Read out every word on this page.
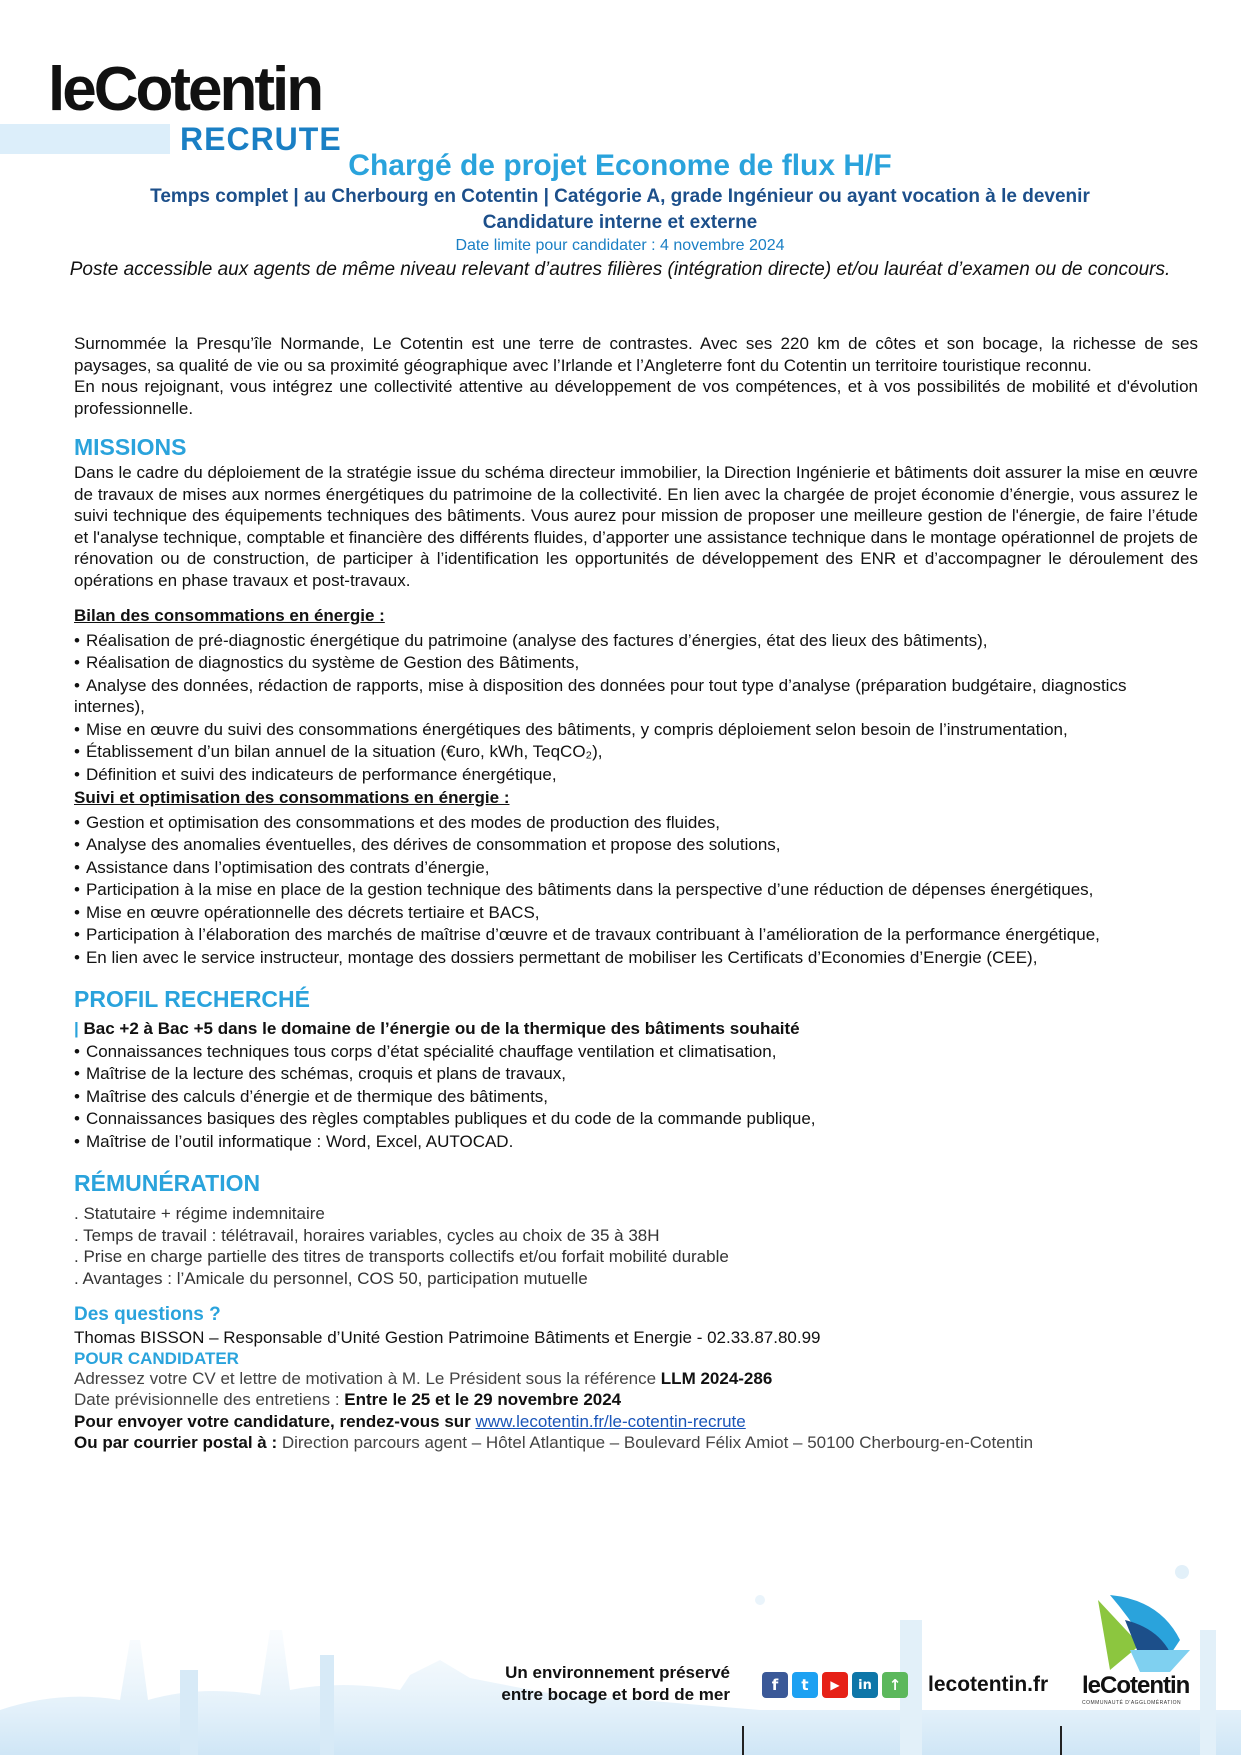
leCotentin
RECRUTE
Chargé de projet Econome de flux H/F
Temps complet | au Cherbourg en Cotentin | Catégorie A, grade Ingénieur ou ayant vocation à le devenir
Candidature interne et externe
Date limite pour candidater : 4 novembre 2024
Poste accessible aux agents de même niveau relevant d’autres filières (intégration directe) et/ou lauréat d’examen ou de concours.

Surnommée la Presqu’île Normande, Le Cotentin est une terre de contrastes. Avec ses 220 km de côtes et son bocage, la richesse de ses paysages, sa qualité de vie ou sa proximité géographique avec l’Irlande et l’Angleterre font du Cotentin un territoire touristique reconnu.

En nous rejoignant, vous intégrez une collectivité attentive au développement de vos compétences, et à vos possibilités de mobilité et d'évolution professionnelle.

MISSIONS

Dans le cadre du déploiement de la stratégie issue du schéma directeur immobilier, la Direction Ingénierie et bâtiments doit assurer la mise en œuvre de travaux de mises aux normes énergétiques du patrimoine de la collectivité. En lien avec la chargée de projet économie d’énergie, vous assurez le suivi technique des équipements techniques des bâtiments. Vous aurez pour mission de proposer une meilleure gestion de l'énergie, de faire l’étude et l'analyse technique, comptable et financière des différents fluides, d’apporter une assistance technique dans le montage opérationnel de projets de rénovation ou de construction, de participer à l’identification les opportunités de développement des ENR et d’accompagner le déroulement des opérations en phase travaux et post-travaux.

Bilan des consommations en énergie :
• Réalisation de pré-diagnostic énergétique du patrimoine (analyse des factures d’énergies, état des lieux des bâtiments),
• Réalisation de diagnostics du système de Gestion des Bâtiments,
• Analyse des données, rédaction de rapports, mise à disposition des données pour tout type d’analyse (préparation budgétaire, diagnostics internes),
• Mise en œuvre du suivi des consommations énergétiques des bâtiments, y compris déploiement selon besoin de l’instrumentation,
• Établissement d’un bilan annuel de la situation (€uro, kWh, TeqCO₂),
• Définition et suivi des indicateurs de performance énergétique,
Suivi et optimisation des consommations en énergie :
• Gestion et optimisation des consommations et des modes de production des fluides,
• Analyse des anomalies éventuelles, des dérives de consommation et propose des solutions,
• Assistance dans l’optimisation des contrats d’énergie,
• Participation à la mise en place de la gestion technique des bâtiments dans la perspective d’une réduction de dépenses énergétiques,
• Mise en œuvre opérationnelle des décrets tertiaire et BACS,
• Participation à l’élaboration des marchés de maîtrise d’œuvre et de travaux contribuant à l’amélioration de la performance énergétique,
• En lien avec le service instructeur, montage des dossiers permettant de mobiliser les Certificats d’Economies d’Energie (CEE),
PROFIL RECHERCHÉ
| Bac +2 à Bac +5 dans le domaine de l’énergie ou de la thermique des bâtiments souhaité
• Connaissances techniques tous corps d’état spécialité chauffage ventilation et climatisation,
• Maîtrise de la lecture des schémas, croquis et plans de travaux,
• Maîtrise des calculs d’énergie et de thermique des bâtiments,
• Connaissances basiques des règles comptables publiques et du code de la commande publique,
• Maîtrise de l’outil informatique : Word, Excel, AUTOCAD.
RÉMUNÉRATION
. Statutaire + régime indemnitaire
. Temps de travail : télétravail, horaires variables, cycles au choix de 35 à 38H
. Prise en charge partielle des titres de transports collectifs et/ou forfait mobilité durable
. Avantages : l’Amicale du personnel, COS 50, participation mutuelle
Des questions ?
Thomas BISSON – Responsable d’Unité Gestion Patrimoine Bâtiments et Energie - 02.33.87.80.99
POUR CANDIDATER
Adressez votre CV et lettre de motivation à M. Le Président sous la référence LLM 2024-286
Date prévisionnelle des entretiens : Entre le 25 et le 29 novembre 2024
Pour envoyer votre candidature, rendez-vous sur www.lecotentin.fr/le-cotentin-recrute
Ou par courrier postal à : Direction parcours agent – Hôtel Atlantique – Boulevard Félix Amiot – 50100 Cherbourg-en-Cotentin
Un environnement préservé
entre bocage et bord de mer	f	t	▶	in	↑	lecotentin.fr leCotentin
COMMUNAUTÉ D'AGGLOMÉRATION
